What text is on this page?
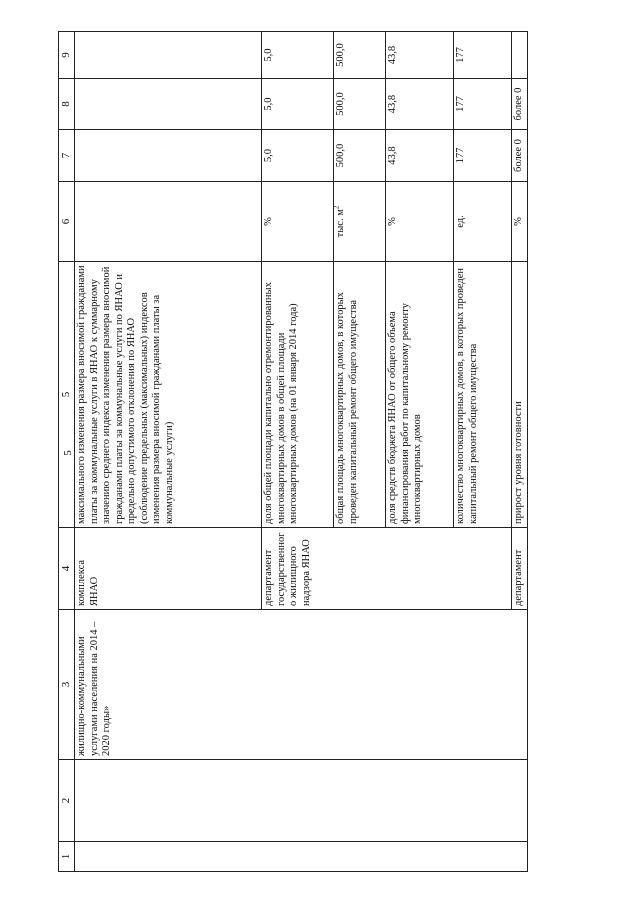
5
1	2	3	4	5	6	7	8	9
		жилищно-коммунальными услугами населения на 2014 – 2020 годы»	комплекса ЯНАО	максимального изменения размера вносимой гражданами платы за коммунальные услуги в ЯНАО к суммарному значению среднего индекса изменения размера вносимой гражданами платы за коммунальные услуги по ЯНАО и предельно допустимого отклонения по ЯНАО (соблюдение предельных (максимальных) индексов изменения размера вносимой гражданами платы за коммунальные услуги)				
			департамент государственного жилищного надзора ЯНАО	доля общей площади капитально отремонтированных многоквартирных домов в общей площади многоквартирных домов (на 01 января 2014 года)	%	5,0	5,0	5,0
				общая площадь многоквартирных домов, в которых проведен капитальный ремонт общего имущества	тыс. $м^2$	500,0	500,0	500,0
				доля средств бюджета ЯНАО от общего объема финансирования работ по капитальному ремонту многоквартирных домов	%	43,8	43,8	43,8
				количество многоквартирных домов, в которых проведен капитальный ремонт общего имущества	ед.	177	177	177
			департамент	прирост уровня готовности	%	более 0	более 0	
